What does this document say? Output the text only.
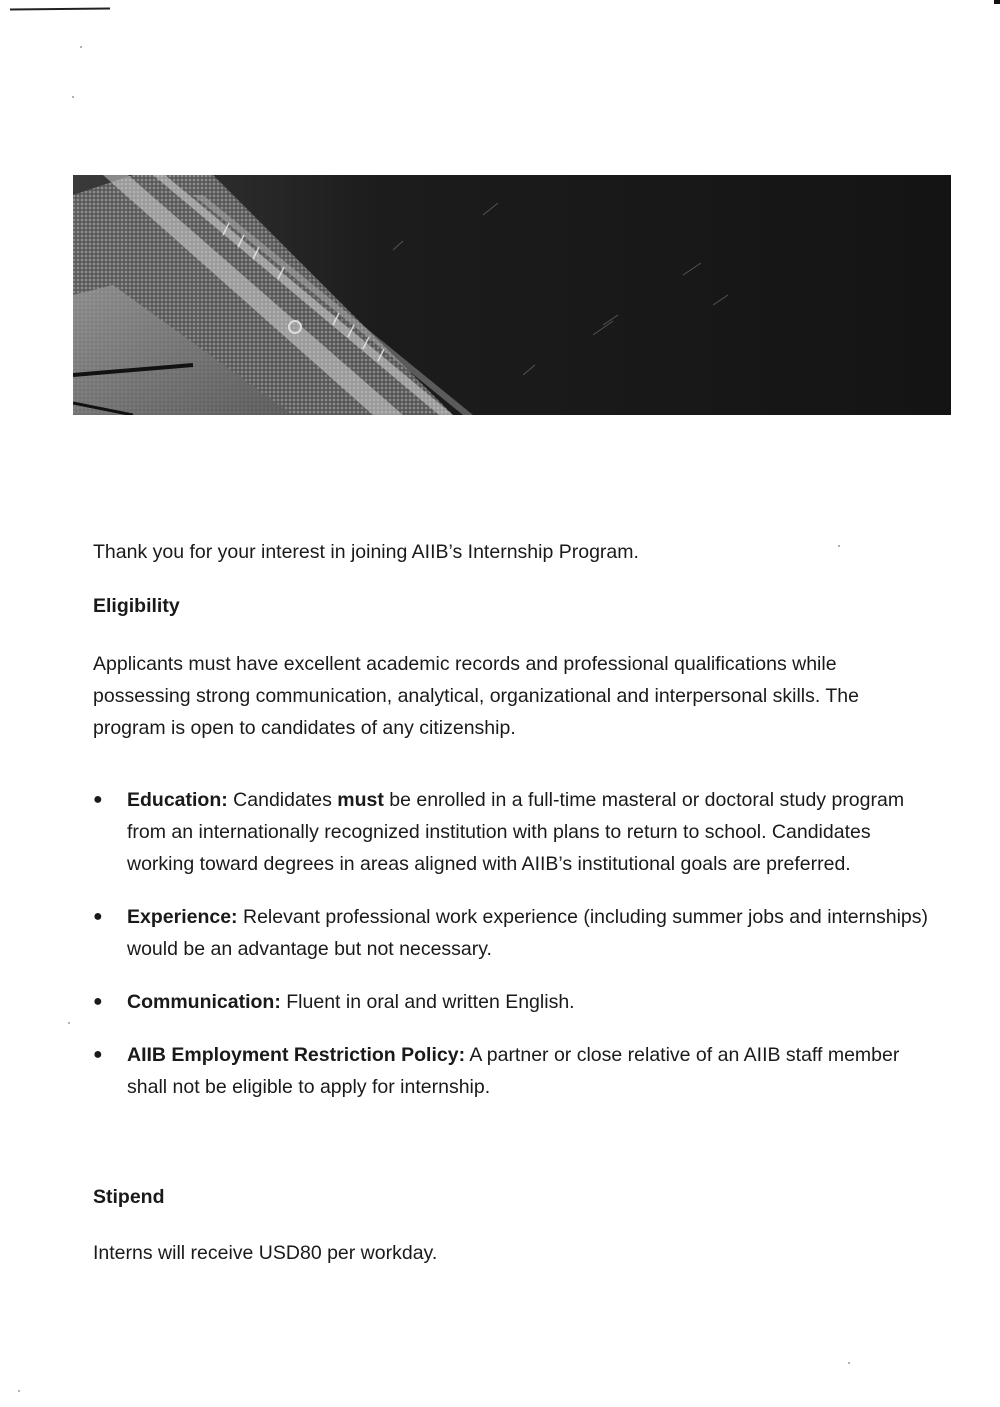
Thank you for your interest in joining AIIB’s Internship Program.

Eligibility

Applicants must have excellent academic records and professional qualifications while possessing strong communication, analytical, organizational and interpersonal skills. The program is open to candidates of any citizenship.

● Education: Candidates must be enrolled in a full-time masteral or doctoral study program from an internationally recognized institution with plans to return to school. Candidates working toward degrees in areas aligned with AIIB’s institutional goals are preferred.
● Experience: Relevant professional work experience (including summer jobs and internships) would be an advantage but not necessary.
● Communication: Fluent in oral and written English.
● AIIB Employment Restriction Policy: A partner or close relative of an AIIB staff member shall not be eligible to apply for internship.

Stipend

Interns will receive USD80 per workday.
